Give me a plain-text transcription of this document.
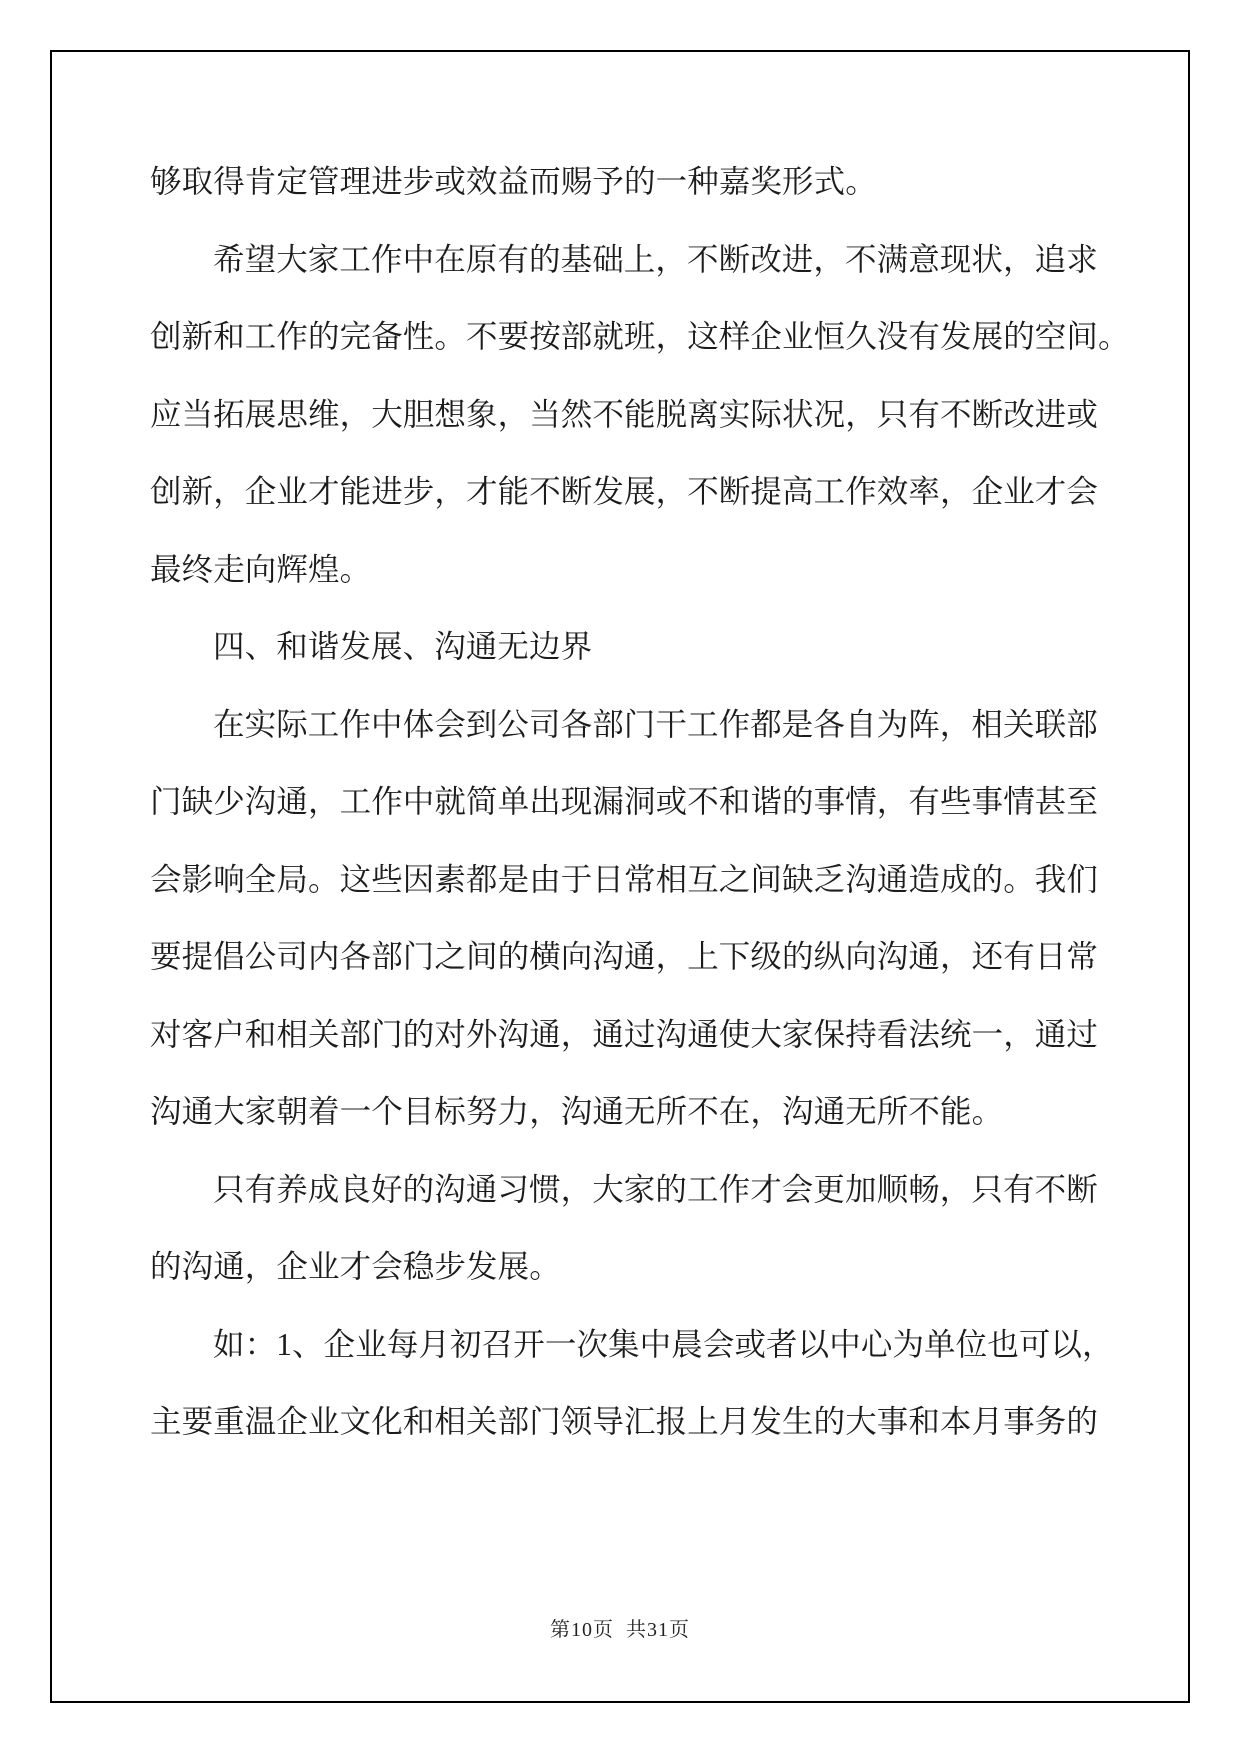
够取得肯定管理进步或效益而赐予的一种嘉奖形式。
希望大家工作中在原有的基础上，不断改进，不满意现状，追求
创新和工作的完备性。不要按部就班，这样企业恒久没有发展的空间。
应当拓展思维，大胆想象，当然不能脱离实际状况，只有不断改进或
创新，企业才能进步，才能不断发展，不断提高工作效率，企业才会
最终走向辉煌。
四、和谐发展、沟通无边界
在实际工作中体会到公司各部门干工作都是各自为阵，相关联部
门缺少沟通，工作中就简单出现漏洞或不和谐的事情，有些事情甚至
会影响全局。这些因素都是由于日常相互之间缺乏沟通造成的。我们
要提倡公司内各部门之间的横向沟通，上下级的纵向沟通，还有日常
对客户和相关部门的对外沟通，通过沟通使大家保持看法统一，通过
沟通大家朝着一个目标努力，沟通无所不在，沟通无所不能。
只有养成良好的沟通习惯，大家的工作才会更加顺畅，只有不断
的沟通，企业才会稳步发展。
如：1、企业每月初召开一次集中晨会或者以中心为单位也可以，
主要重温企业文化和相关部门领导汇报上月发生的大事和本月事务的
第10页  共31页
